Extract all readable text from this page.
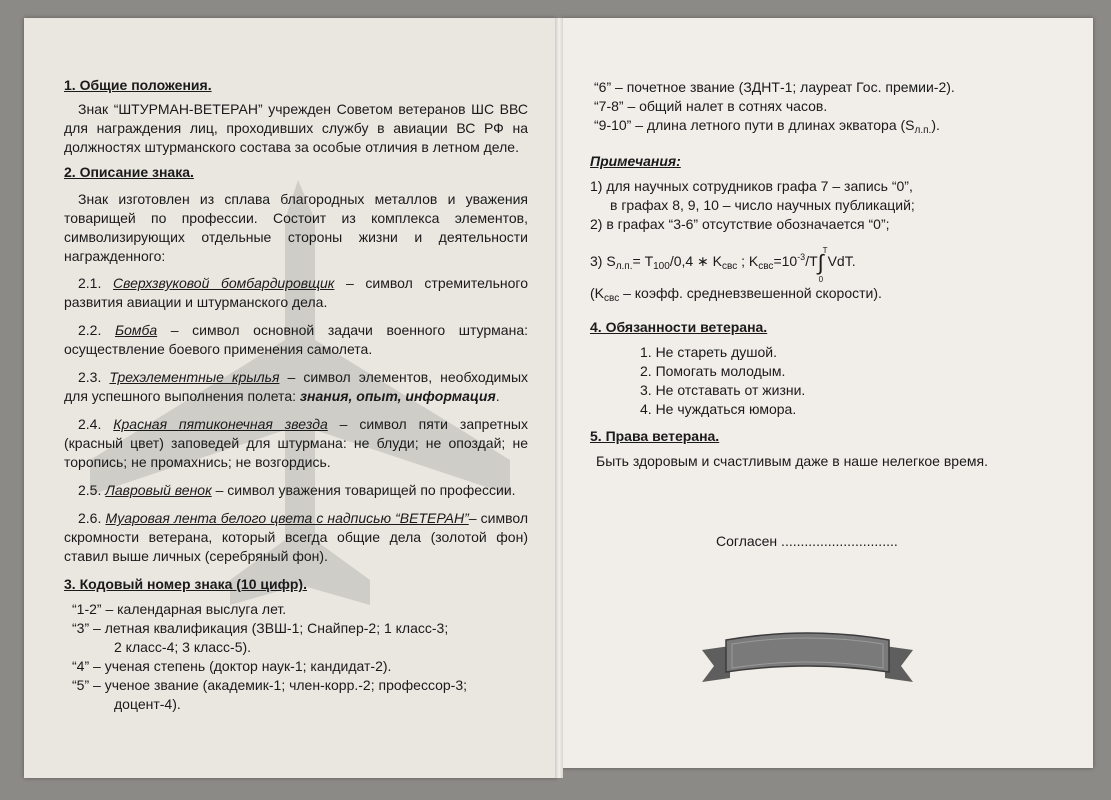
1. Общие положения.

Знак “ШТУРМАН-ВЕТЕРАН” учрежден Советом ветеранов ШС ВВС для награждения лиц, проходивших службу в авиации ВС РФ на должностях штурманского состава за особые отличия в летном деле.

2. Описание знака.

Знак изготовлен из сплава благородных металлов и уважения товарищей по профессии. Состоит из комплекса элементов, символизирующих отдельные стороны жизни и деятельности награжденного:

2.1. Сверхзвуковой бомбардировщик – символ стремительного развития авиации и штурманского дела.

2.2. Бомба – символ основной задачи военного штурмана: осуществление боевого применения самолета.

2.3. Трехэлементные крылья – символ элементов, необходимых для успешного выполнения полета: знания, опыт, информация.

2.4. Красная пятиконечная звезда – символ пяти запретных (красный цвет) заповедей для штурмана: не блуди; не опоздай; не торопись; не промахнись; не возгордись.

2.5. Лавровый венок – символ уважения товарищей по профессии.

2.6. Муаровая лента белого цвета с надписью “ВЕТЕРАН”– символ скромности ветерана, который всегда общие дела (золотой фон) ставил выше личных (серебряный фон).

3. Кодовый номер знака (10 цифр).
“1-2” – календарная выслуга лет.
“3” – летная квалификация (ЗВШ-1; Снайпер-2; 1 класс-3;
2 класс-4; 3 класс-5).
“4” – ученая степень (доктор наук-1; кандидат-2).
“5” – ученое звание (академик-1; член-корр.-2; профессор-3;
доцент-4).
“6” – почетное звание (ЗДНТ-1; лауреат Гос. премии-2).
“7-8” – общий налет в сотнях часов.
“9-10” – длина летного пути в длинах экватора $(S_{л.п.})$.
Примечания:
1) для научных сотрудников графа 7 – запись “0”,
в графах 8, 9, 10 – число научных публикаций;
2) в графах “3-6” отсутствие обозначается “0”;
3) $S_{л.п.}= T_{100}/0,4$ ∗ $K_{свс}$ ; $K_{свс}=10^{-3}/T\int$
T
0
VdT.
($K_{свс}$ – коэфф. средневзвешенной скорости).
4. Обязанности ветерана.
1. Не стареть душой.
2. Помогать молодым.
3. Не отставать от жизни.
4. Не чуждаться юмора.
5. Права ветерана.
Быть здоровым и счастливым даже в наше нелегкое время.
Согласен ..............................
